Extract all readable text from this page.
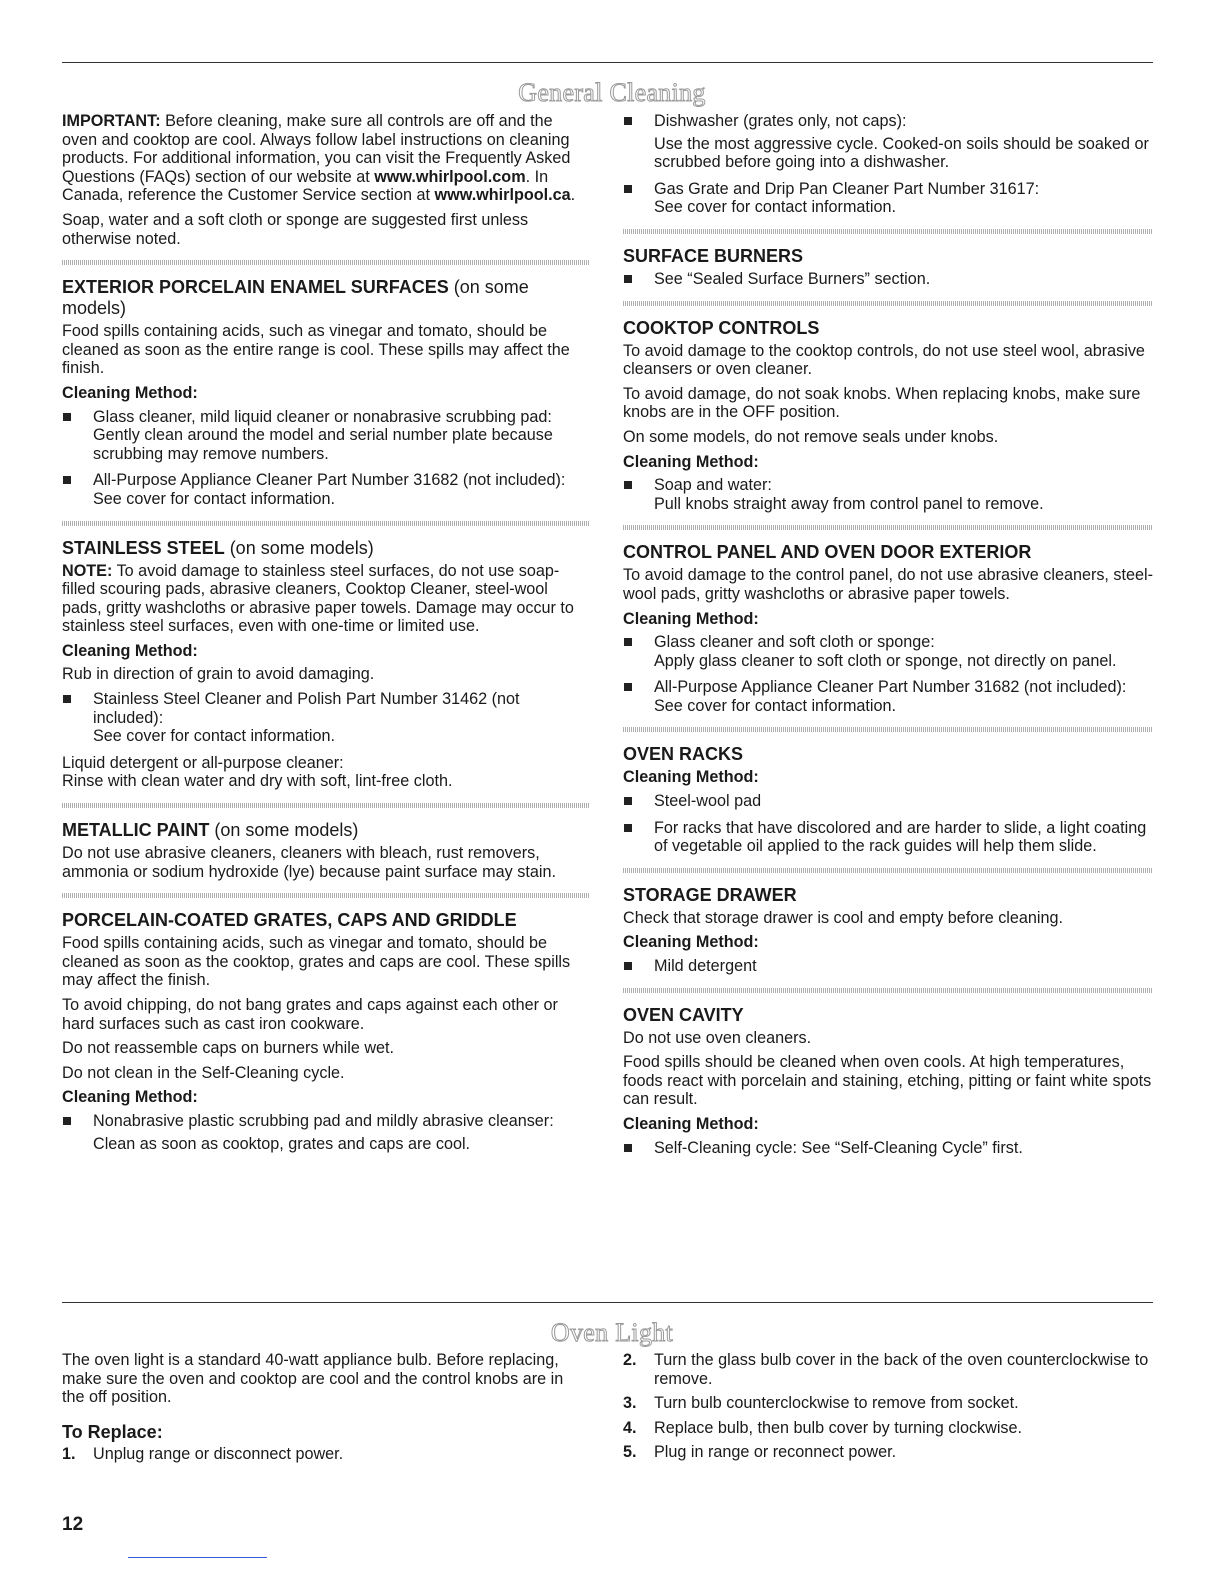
General Cleaning

IMPORTANT: Before cleaning, make sure all controls are off and the oven and cooktop are cool. Always follow label instructions on cleaning products. For additional information, you can visit the Frequently Asked Questions (FAQs) section of our website at www.whirlpool.com. In Canada, reference the Customer Service section at www.whirlpool.ca.

Soap, water and a soft cloth or sponge are suggested first unless otherwise noted.

EXTERIOR PORCELAIN ENAMEL SURFACES (on some models)

Food spills containing acids, such as vinegar and tomato, should be cleaned as soon as the entire range is cool. These spills may affect the finish.

Cleaning Method:
Glass cleaner, mild liquid cleaner or nonabrasive scrubbing pad:
Gently clean around the model and serial number plate because scrubbing may remove numbers.
All-Purpose Appliance Cleaner Part Number 31682 (not included):
See cover for contact information.
STAINLESS STEEL (on some models)

NOTE: To avoid damage to stainless steel surfaces, do not use soap-filled scouring pads, abrasive cleaners, Cooktop Cleaner, steel-wool pads, gritty washcloths or abrasive paper towels. Damage may occur to stainless steel surfaces, even with one-time or limited use.

Cleaning Method:

Rub in direction of grain to avoid damaging.

Stainless Steel Cleaner and Polish Part Number 31462 (not included):
See cover for contact information.

Liquid detergent or all-purpose cleaner:
Rinse with clean water and dry with soft, lint-free cloth.

METALLIC PAINT (on some models)

Do not use abrasive cleaners, cleaners with bleach, rust removers, ammonia or sodium hydroxide (lye) because paint surface may stain.

PORCELAIN-COATED GRATES, CAPS AND GRIDDLE

Food spills containing acids, such as vinegar and tomato, should be cleaned as soon as the cooktop, grates and caps are cool. These spills may affect the finish.

To avoid chipping, do not bang grates and caps against each other or hard surfaces such as cast iron cookware.

Do not reassemble caps on burners while wet.

Do not clean in the Self-Cleaning cycle.

Cleaning Method:
Nonabrasive plastic scrubbing pad and mildly abrasive cleanser:
Clean as soon as cooktop, grates and caps are cool.
Dishwasher (grates only, not caps):
Use the most aggressive cycle. Cooked-on soils should be soaked or scrubbed before going into a dishwasher.
Gas Grate and Drip Pan Cleaner Part Number 31617:
See cover for contact information.
SURFACE BURNERS
See “Sealed Surface Burners” section.
COOKTOP CONTROLS

To avoid damage to the cooktop controls, do not use steel wool, abrasive cleansers or oven cleaner.

To avoid damage, do not soak knobs. When replacing knobs, make sure knobs are in the OFF position.

On some models, do not remove seals under knobs.

Cleaning Method:
Soap and water:
Pull knobs straight away from control panel to remove.
CONTROL PANEL AND OVEN DOOR EXTERIOR

To avoid damage to the control panel, do not use abrasive cleaners, steel-wool pads, gritty washcloths or abrasive paper towels.

Cleaning Method:
Glass cleaner and soft cloth or sponge:
Apply glass cleaner to soft cloth or sponge, not directly on panel.
All-Purpose Appliance Cleaner Part Number 31682 (not included):
See cover for contact information.
OVEN RACKS
Cleaning Method:
Steel-wool pad
For racks that have discolored and are harder to slide, a light coating of vegetable oil applied to the rack guides will help them slide.
STORAGE DRAWER

Check that storage drawer is cool and empty before cleaning.

Cleaning Method:
Mild detergent
OVEN CAVITY

Do not use oven cleaners.

Food spills should be cleaned when oven cools. At high temperatures, foods react with porcelain and staining, etching, pitting or faint white spots can result.

Cleaning Method:
Self-Cleaning cycle: See “Self-Cleaning Cycle” first.
Oven Light

The oven light is a standard 40-watt appliance bulb. Before replacing, make sure the oven and cooktop are cool and the control knobs are in the off position.

To Replace:
1. Unplug range or disconnect power.
2. Turn the glass bulb cover in the back of the oven counterclockwise to remove.
3. Turn bulb counterclockwise to remove from socket.
4. Replace bulb, then bulb cover by turning clockwise.
5. Plug in range or reconnect power.
12
